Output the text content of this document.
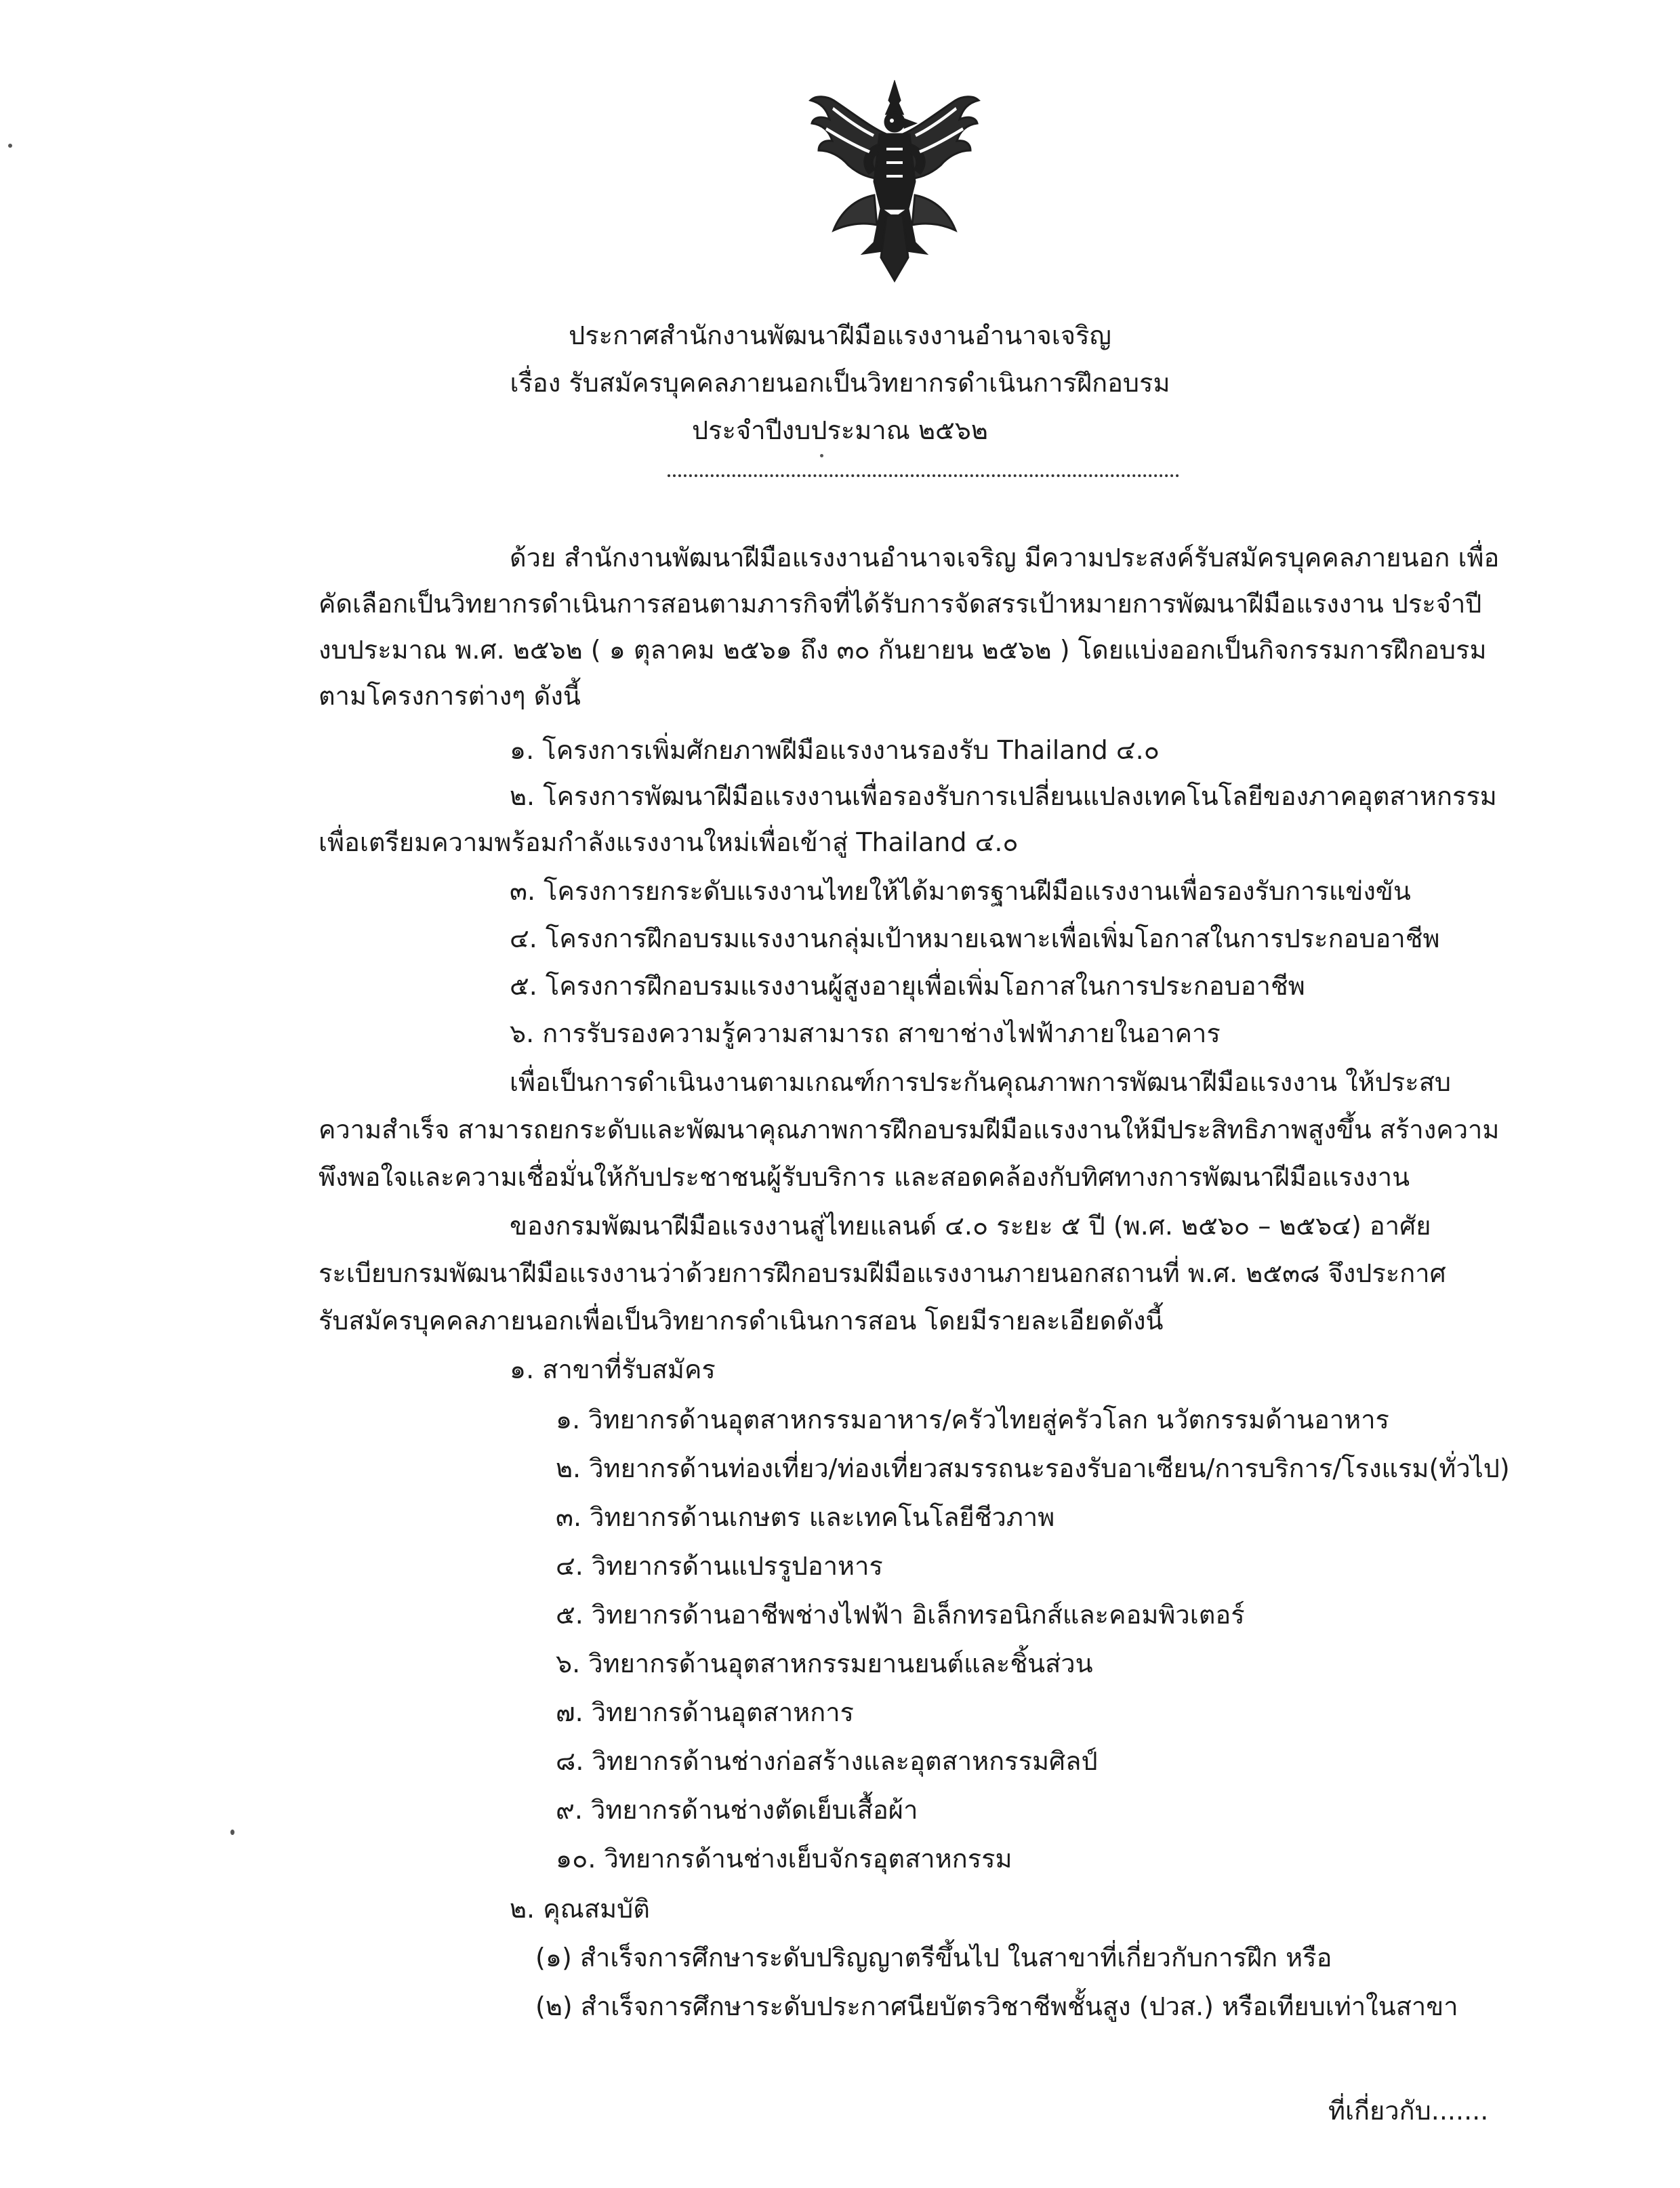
ประกาศสำนักงานพัฒนาฝีมือแรงงานอำนาจเจริญ
เรื่อง รับสมัครบุคคลภายนอกเป็นวิทยากรดำเนินการฝึกอบรม
ประจำปีงบประมาณ ๒๕๖๒
ด้วย สำนักงานพัฒนาฝีมือแรงงานอำนาจเจริญ มีความประสงค์รับสมัครบุคคลภายนอก เพื่อ
คัดเลือกเป็นวิทยากรดำเนินการสอนตามภารกิจที่ได้รับการจัดสรรเป้าหมายการพัฒนาฝีมือแรงงาน ประจำปี
งบประมาณ พ.ศ. ๒๕๖๒ ( ๑ ตุลาคม ๒๕๖๑ ถึง ๓๐ กันยายน ๒๕๖๒ ) โดยแบ่งออกเป็นกิจกรรมการฝึกอบรม
ตามโครงการต่างๆ ดังนี้
๑. โครงการเพิ่มศักยภาพฝีมือแรงงานรองรับ Thailand ๔.๐
๒. โครงการพัฒนาฝีมือแรงงานเพื่อรองรับการเปลี่ยนแปลงเทคโนโลยีของภาคอุตสาหกรรม
เพื่อเตรียมความพร้อมกำลังแรงงานใหม่เพื่อเข้าสู่ Thailand ๔.๐
๓. โครงการยกระดับแรงงานไทยให้ได้มาตรฐานฝีมือแรงงานเพื่อรองรับการแข่งขัน
๔. โครงการฝึกอบรมแรงงานกลุ่มเป้าหมายเฉพาะเพื่อเพิ่มโอกาสในการประกอบอาชีพ
๕. โครงการฝึกอบรมแรงงานผู้สูงอายุเพื่อเพิ่มโอกาสในการประกอบอาชีพ
๖. การรับรองความรู้ความสามารถ สาขาช่างไฟฟ้าภายในอาคาร
เพื่อเป็นการดำเนินงานตามเกณฑ์การประกันคุณภาพการพัฒนาฝีมือแรงงาน ให้ประสบ
ความสำเร็จ สามารถยกระดับและพัฒนาคุณภาพการฝึกอบรมฝีมือแรงงานให้มีประสิทธิภาพสูงขึ้น สร้างความ
พึงพอใจและความเชื่อมั่นให้กับประชาชนผู้รับบริการ และสอดคล้องกับทิศทางการพัฒนาฝีมือแรงงาน
ของกรมพัฒนาฝีมือแรงงานสู่ไทยแลนด์ ๔.๐ ระยะ ๕ ปี (พ.ศ. ๒๕๖๐ – ๒๕๖๔) อาศัย
ระเบียบกรมพัฒนาฝีมือแรงงานว่าด้วยการฝึกอบรมฝีมือแรงงานภายนอกสถานที่ พ.ศ. ๒๕๓๘ จึงประกาศ
รับสมัครบุคคลภายนอกเพื่อเป็นวิทยากรดำเนินการสอน โดยมีรายละเอียดดังนี้
๑. สาขาที่รับสมัคร
๑. วิทยากรด้านอุตสาหกรรมอาหาร/ครัวไทยสู่ครัวโลก นวัตกรรมด้านอาหาร
๒. วิทยากรด้านท่องเที่ยว/ท่องเที่ยวสมรรถนะรองรับอาเซียน/การบริการ/โรงแรม(ทั่วไป)
๓. วิทยากรด้านเกษตร และเทคโนโลยีชีวภาพ
๔. วิทยากรด้านแปรรูปอาหาร
๕. วิทยากรด้านอาชีพช่างไฟฟ้า อิเล็กทรอนิกส์และคอมพิวเตอร์
๖. วิทยากรด้านอุตสาหกรรมยานยนต์และชิ้นส่วน
๗. วิทยากรด้านอุตสาหการ
๘. วิทยากรด้านช่างก่อสร้างและอุตสาหกรรมศิลป์
๙. วิทยากรด้านช่างตัดเย็บเสื้อผ้า
๑๐. วิทยากรด้านช่างเย็บจักรอุตสาหกรรม
๒. คุณสมบัติ
(๑) สำเร็จการศึกษาระดับปริญญาตรีขึ้นไป ในสาขาที่เกี่ยวกับการฝึก หรือ
(๒) สำเร็จการศึกษาระดับประกาศนียบัตรวิชาชีพชั้นสูง (ปวส.) หรือเทียบเท่าในสาขา
ที่เกี่ยวกับ.......
